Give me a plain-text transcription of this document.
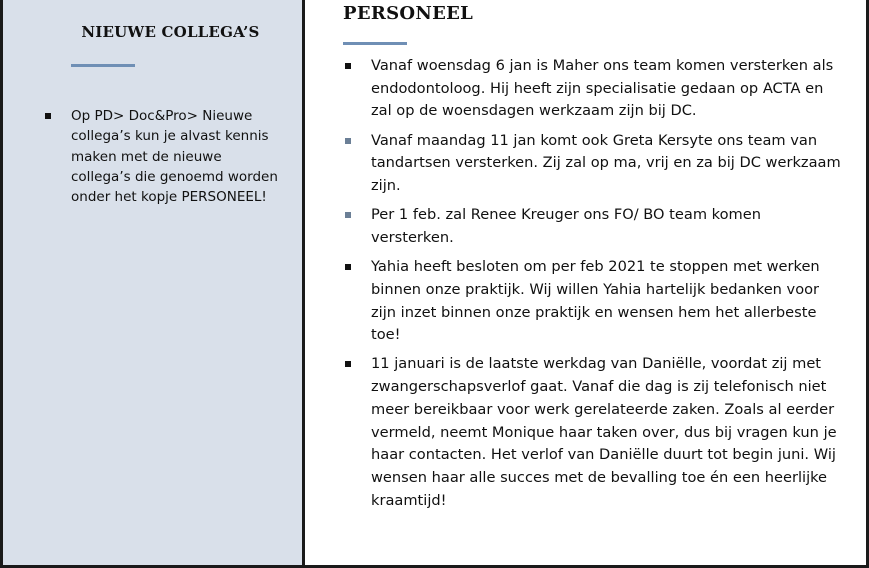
NIEUWE COLLEGA’S
Op PD> Doc&Pro> Nieuwe collega’s kun je alvast kennis maken met de nieuwe collega’s die genoemd worden onder het kopje PERSONEEL!
PERSONEEL
Vanaf woensdag 6 jan is Maher ons team komen versterken als endodontoloog. Hij heeft zijn specialisatie gedaan op ACTA en zal op de woensdagen werkzaam zijn bij DC.
Vanaf maandag 11 jan komt ook Greta Kersyte ons team van tandartsen versterken. Zij zal op ma, vrij en za bij DC werkzaam zijn.
Per 1 feb. zal Renee Kreuger ons FO/ BO team komen versterken.
Yahia heeft besloten om per feb 2021 te stoppen met werken binnen onze praktijk. Wij willen Yahia hartelijk bedanken voor zijn inzet binnen onze praktijk en wensen hem het allerbeste toe!
11 januari is de laatste werkdag van Daniëlle, voordat zij met zwangerschapsverlof gaat. Vanaf die dag is zij telefonisch niet meer bereikbaar voor werk gerelateerde zaken. Zoals al eerder vermeld, neemt Monique haar taken over, dus bij vragen kun je haar contacten. Het verlof van Daniëlle duurt tot begin juni. Wij wensen haar alle succes met de bevalling toe én een heerlijke kraamtijd!
